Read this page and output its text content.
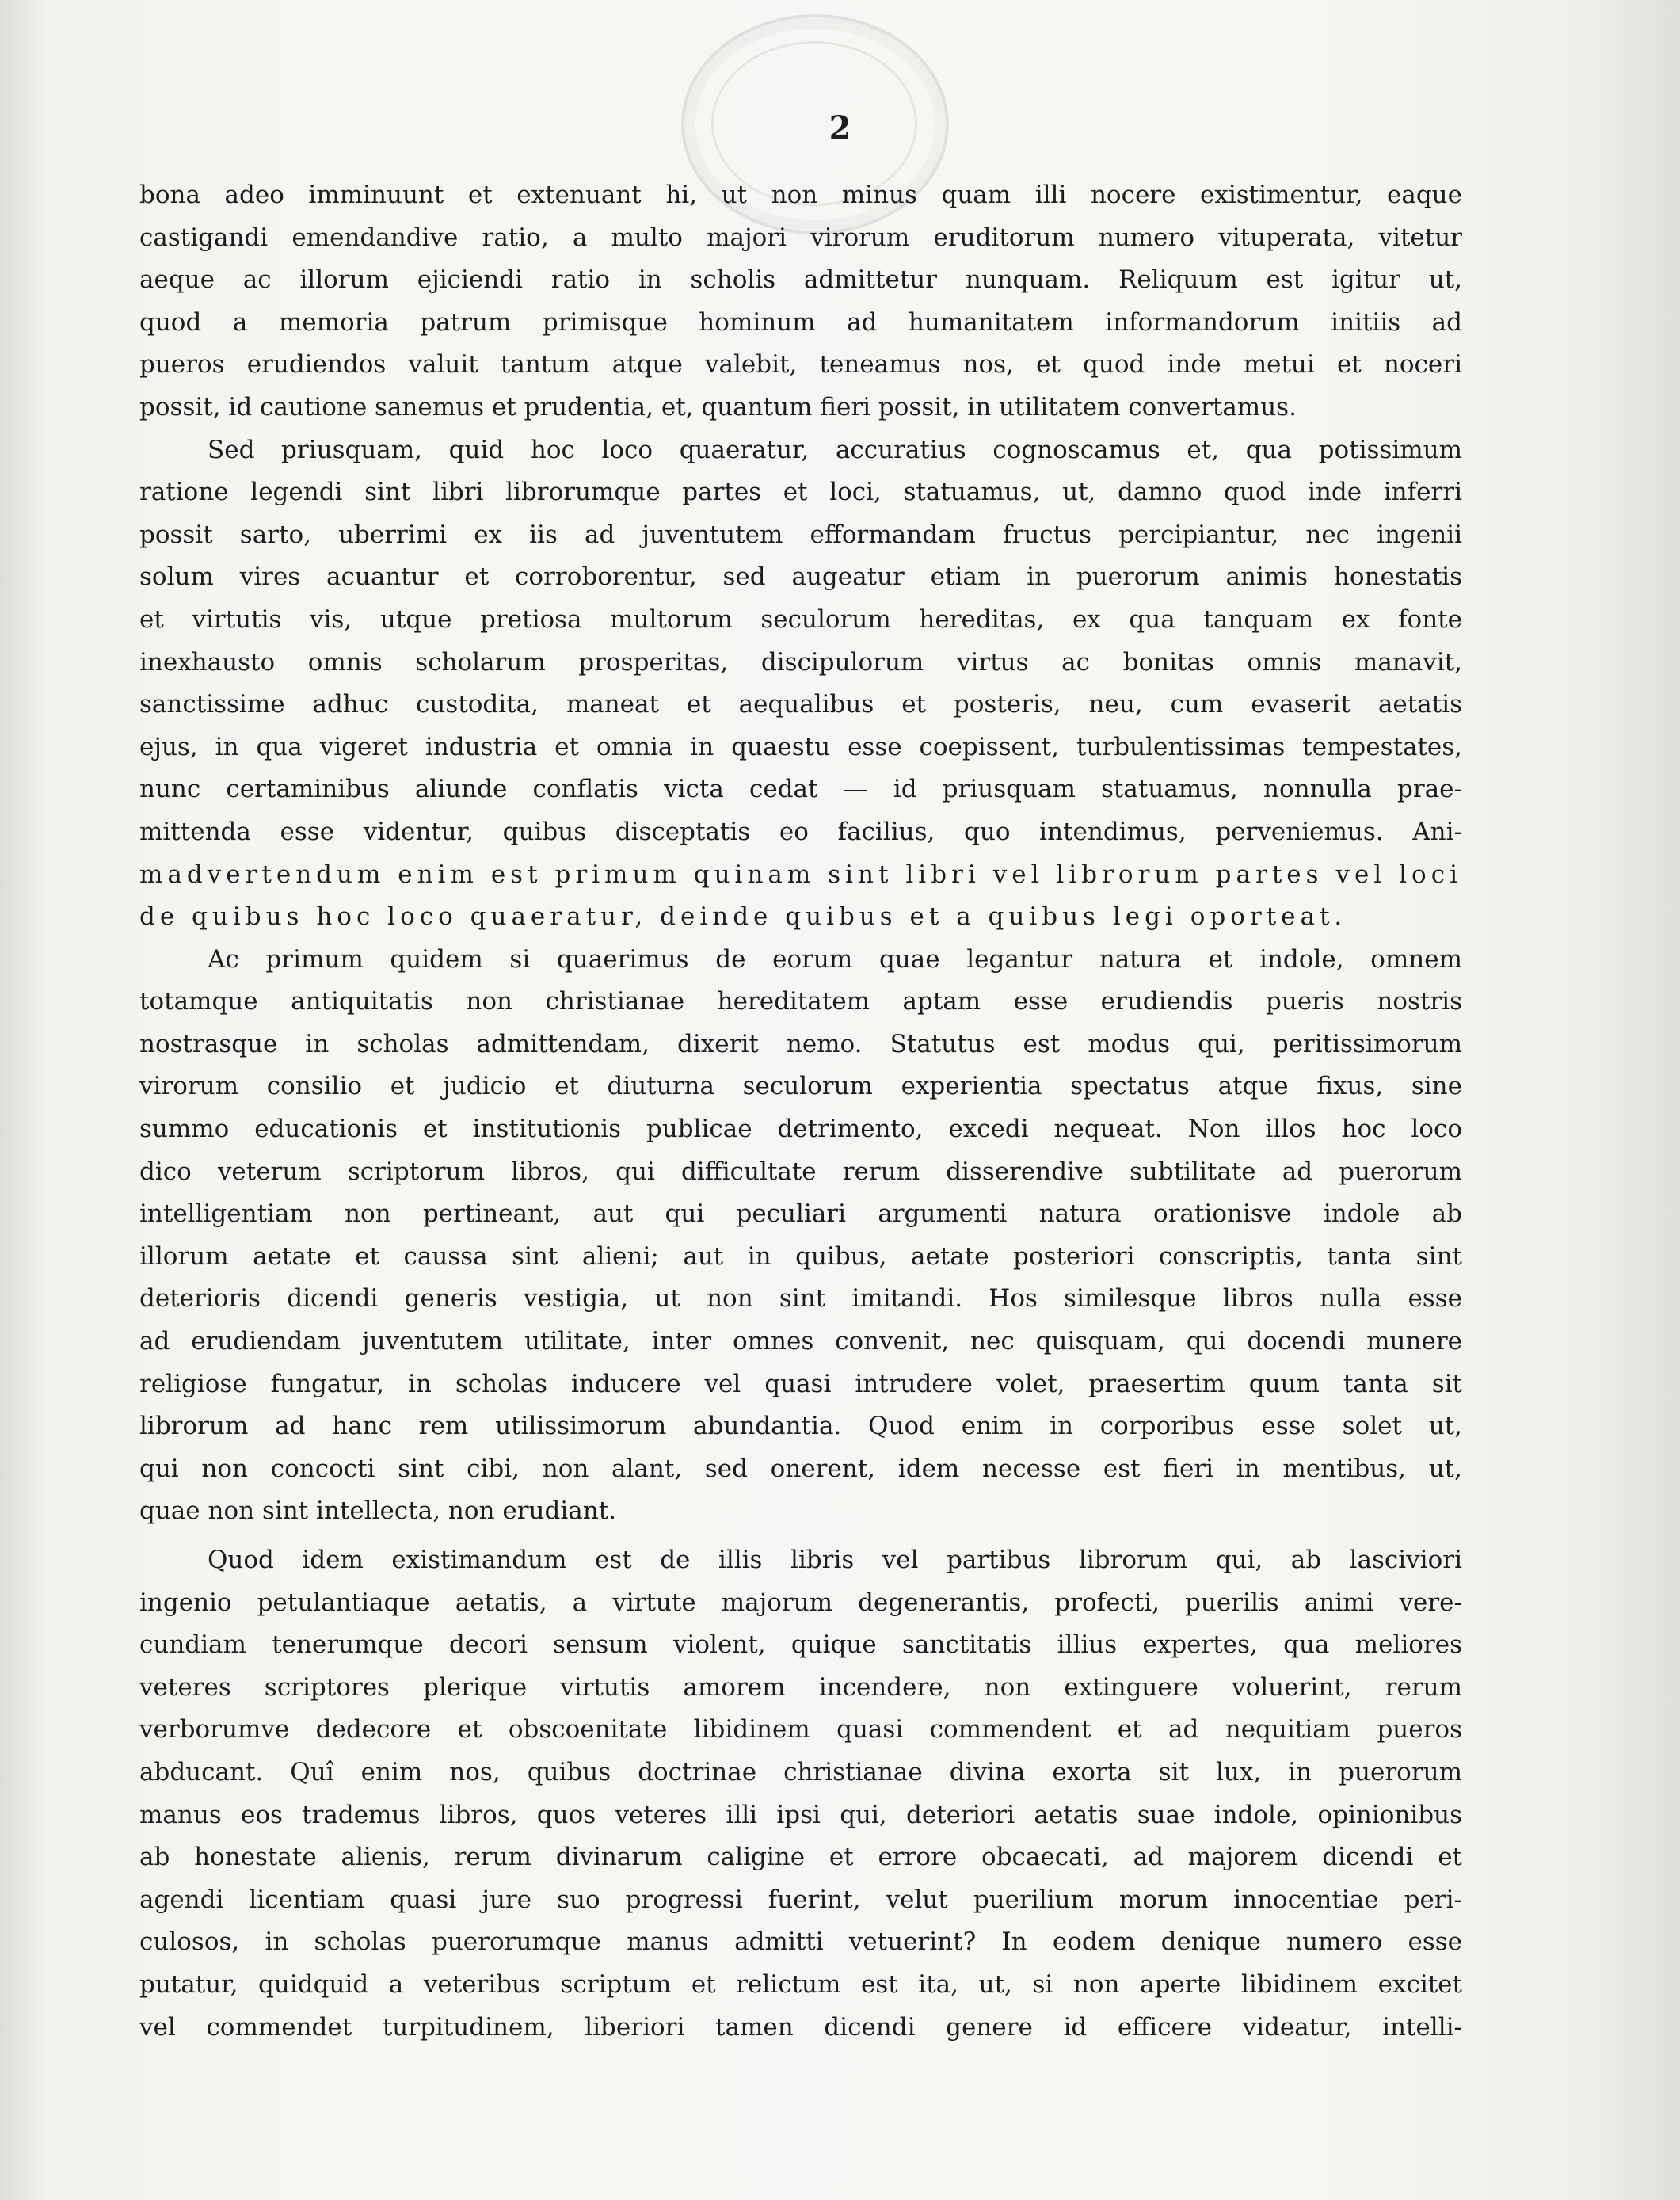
2
bona adeo imminuunt et extenuant hi, ut non minus quam illi nocere existimentur, eaque
castigandi emendandive ratio, a multo majori virorum eruditorum numero vituperata, vitetur
aeque ac illorum ejiciendi ratio in scholis admittetur nunquam. Reliquum est igitur ut,
quod a memoria patrum primisque hominum ad humanitatem informandorum initiis ad
pueros erudiendos valuit tantum atque valebit, teneamus nos, et quod inde metui et noceri
possit, id cautione sanemus et prudentia, et, quantum fieri possit, in utilitatem convertamus.
Sed priusquam, quid hoc loco quaeratur, accuratius cognoscamus et, qua potissimum
ratione legendi sint libri librorumque partes et loci, statuamus, ut, damno quod inde inferri
possit sarto, uberrimi ex iis ad juventutem efformandam fructus percipiantur, nec ingenii
solum vires acuantur et corroborentur, sed augeatur etiam in puerorum animis honestatis
et virtutis vis, utque pretiosa multorum seculorum hereditas, ex qua tanquam ex fonte
inexhausto omnis scholarum prosperitas, discipulorum virtus ac bonitas omnis manavit,
sanctissime adhuc custodita, maneat et aequalibus et posteris, neu, cum evaserit aetatis
ejus, in qua vigeret industria et omnia in quaestu esse coepissent, turbulentissimas tempestates,
nunc certaminibus aliunde conflatis victa cedat — id priusquam statuamus, nonnulla prae-
mittenda esse videntur, quibus disceptatis eo facilius, quo intendimus, perveniemus. Ani-
madvertendum enim est primum quinam sint libri vel librorum partes vel loci
de quibus hoc loco quaeratur, deinde quibus et a quibus legi oporteat.
Ac primum quidem si quaerimus de eorum quae legantur natura et indole, omnem
totamque antiquitatis non christianae hereditatem aptam esse erudiendis pueris nostris
nostrasque in scholas admittendam, dixerit nemo. Statutus est modus qui, peritissimorum
virorum consilio et judicio et diuturna seculorum experientia spectatus atque fixus, sine
summo educationis et institutionis publicae detrimento, excedi nequeat. Non illos hoc loco
dico veterum scriptorum libros, qui difficultate rerum disserendive subtilitate ad puerorum
intelligentiam non pertineant, aut qui peculiari argumenti natura orationisve indole ab
illorum aetate et caussa sint alieni; aut in quibus, aetate posteriori conscriptis, tanta sint
deterioris dicendi generis vestigia, ut non sint imitandi. Hos similesque libros nulla esse
ad erudiendam juventutem utilitate, inter omnes convenit, nec quisquam, qui docendi munere
religiose fungatur, in scholas inducere vel quasi intrudere volet, praesertim quum tanta sit
librorum ad hanc rem utilissimorum abundantia. Quod enim in corporibus esse solet ut,
qui non concocti sint cibi, non alant, sed onerent, idem necesse est fieri in mentibus, ut,
quae non sint intellecta, non erudiant.
Quod idem existimandum est de illis libris vel partibus librorum qui, ab lasciviori
ingenio petulantiaque aetatis, a virtute majorum degenerantis, profecti, puerilis animi vere-
cundiam tenerumque decori sensum violent, quique sanctitatis illius expertes, qua meliores
veteres scriptores plerique virtutis amorem incendere, non extinguere voluerint, rerum
verborumve dedecore et obscoenitate libidinem quasi commendent et ad nequitiam pueros
abducant. Quî enim nos, quibus doctrinae christianae divina exorta sit lux, in puerorum
manus eos trademus libros, quos veteres illi ipsi qui, deteriori aetatis suae indole, opinionibus
ab honestate alienis, rerum divinarum caligine et errore obcaecati, ad majorem dicendi et
agendi licentiam quasi jure suo progressi fuerint, velut puerilium morum innocentiae peri-
culosos, in scholas puerorumque manus admitti vetuerint? In eodem denique numero esse
putatur, quidquid a veteribus scriptum et relictum est ita, ut, si non aperte libidinem excitet
vel commendet turpitudinem, liberiori tamen dicendi genere id efficere videatur, intelli-
